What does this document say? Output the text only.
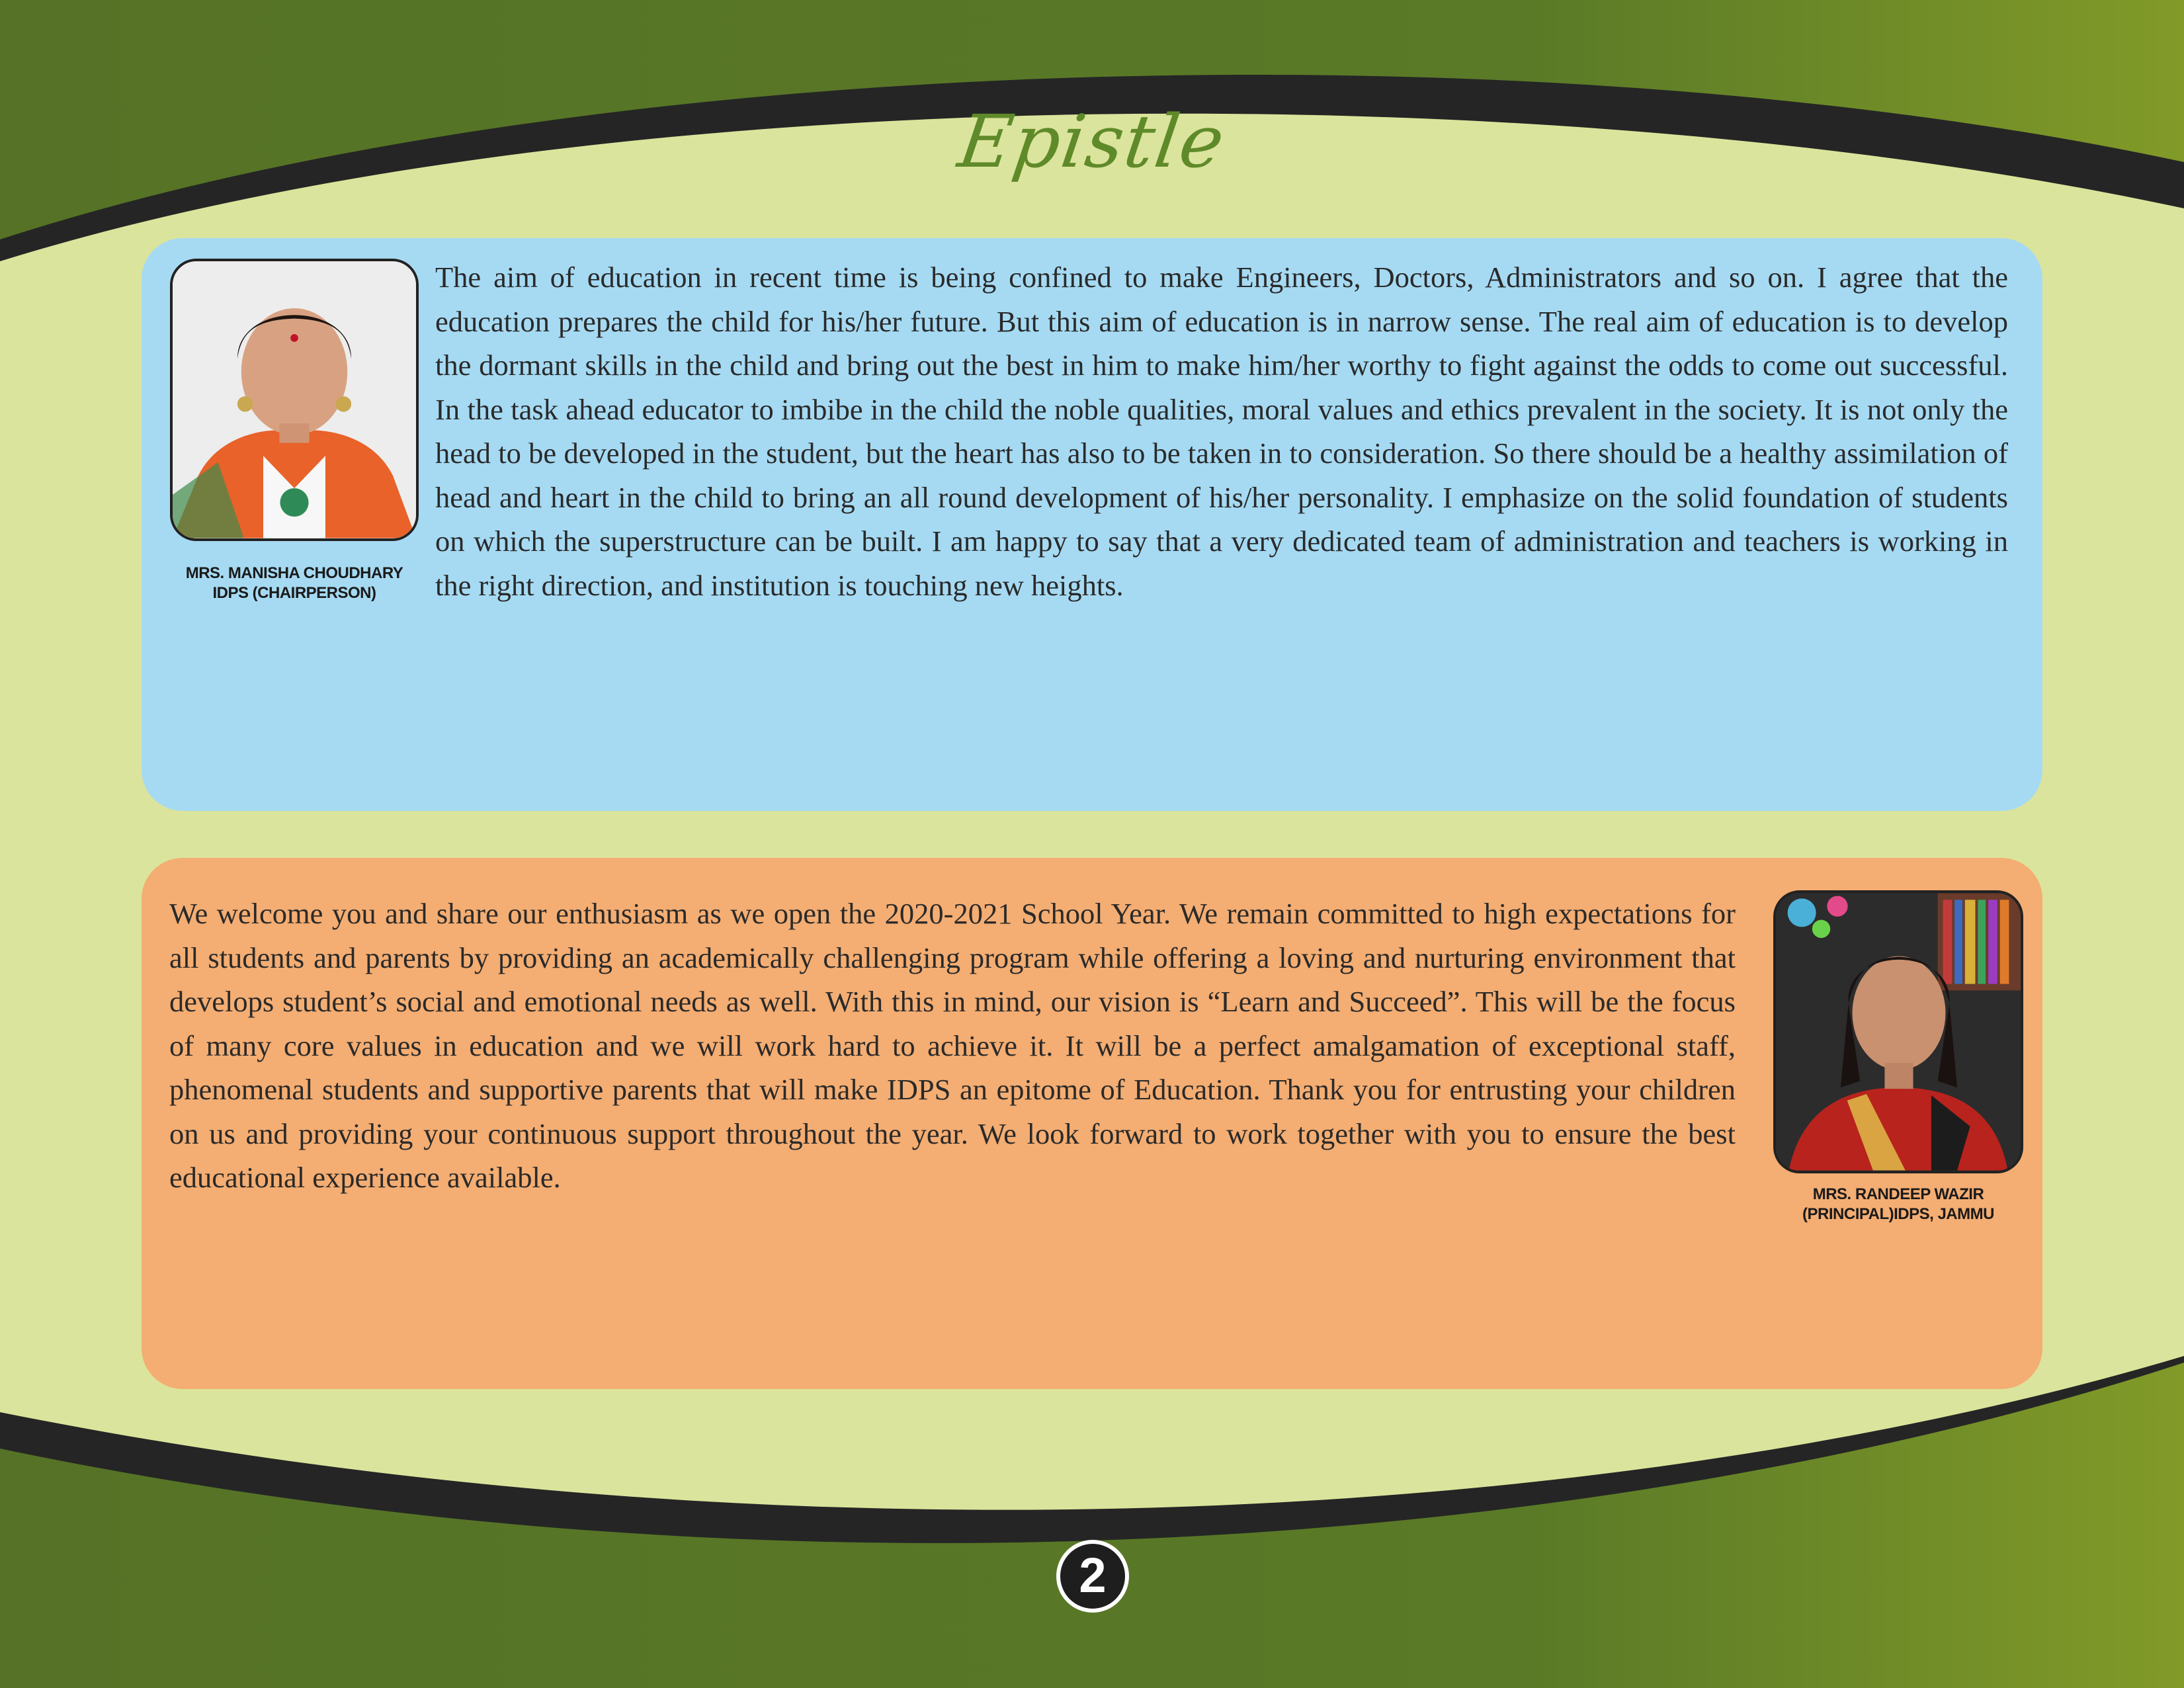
Epistle
MRS. MANISHA CHOUDHARY
IDPS (CHAIRPERSON)
The aim of education in recent time is being confined to make Engineers, Doctors, Administrators and so on. I agree that the education prepares the child for his/her future. But this aim of education is in narrow sense. The real aim of education is to develop the dormant skills in the child and bring out the best in him to make him/her worthy to fight against the odds to come out successful. In the task ahead educator to imbibe in the child the noble qualities, moral values and ethics prevalent in the society. It is not only the head to be developed in the student, but the heart has also to be taken in to consideration. So there should be a healthy assimilation of head and heart in the child to bring an all round development of his/her personality. I emphasize on the solid foundation of students on which the superstructure can be built. I am happy to say that a very dedicated team of administration and teachers is working in the right direction, and institution is touching new heights.
We welcome you and share our enthusiasm as we open the 2020-2021 School Year. We remain committed to high expectations for all students and parents by providing an academically challenging program while offering a loving and nurturing environment that develops student’s social and emotional needs as well. With this in mind, our vision is “Learn and Succeed”. This will be the focus of many core values in education and we will work hard to achieve it. It will be a perfect amalgamation of exceptional staff, phenomenal students and supportive parents that will make IDPS an epitome of Education. Thank you for entrusting your children on us and providing your continuous support throughout the year. We look forward to work together with you to ensure the best educational experience available.
MRS. RANDEEP WAZIR
(PRINCIPAL)IDPS, JAMMU
2
